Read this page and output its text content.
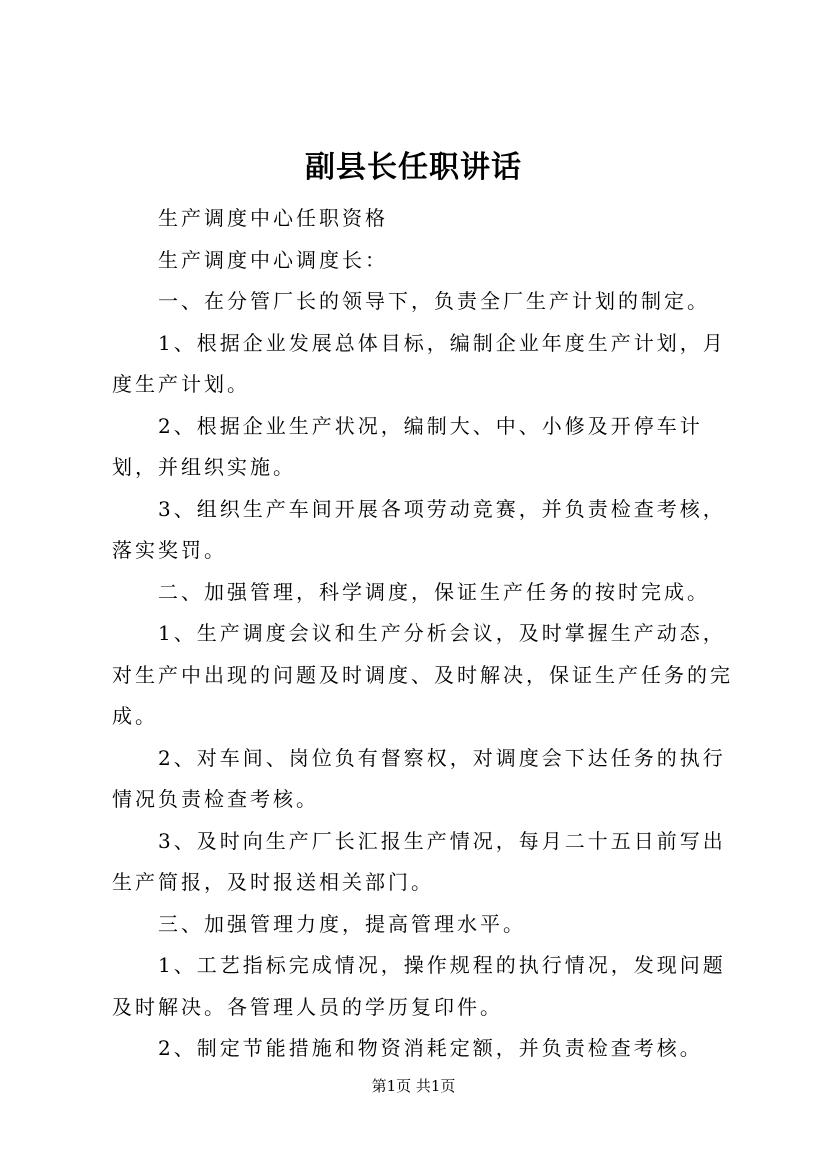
副县长任职讲话

生产调度中心任职资格

生产调度中心调度长：

一、在分管厂长的领导下，负责全厂生产计划的制定。

1、根据企业发展总体目标，编制企业年度生产计划，月度生产计划。

2、根据企业生产状况，编制大、中、小修及开停车计划，并组织实施。

3、组织生产车间开展各项劳动竞赛，并负责检查考核，落实奖罚。

二、加强管理，科学调度，保证生产任务的按时完成。

1、生产调度会议和生产分析会议，及时掌握生产动态，对生产中出现的问题及时调度、及时解决，保证生产任务的完成。

2、对车间、岗位负有督察权，对调度会下达任务的执行情况负责检查考核。

3、及时向生产厂长汇报生产情况，每月二十五日前写出生产简报，及时报送相关部门。

三、加强管理力度，提高管理水平。

1、工艺指标完成情况，操作规程的执行情况，发现问题及时解决。各管理人员的学历复印件。

2、制定节能措施和物资消耗定额，并负责检查考核。

第1页 共1页
